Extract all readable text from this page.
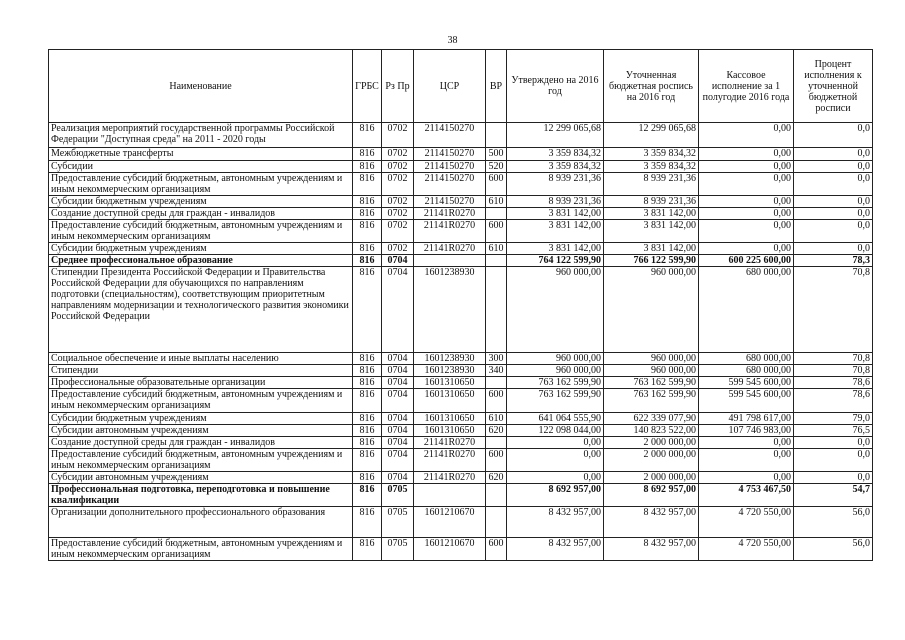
38
Наименование	ГРБС	Рз Пр	ЦСР	ВР	Утверждено на 2016 год	Уточненная бюджетная роспись на 2016 год	Кассовое исполнение за 1 полугодие 2016 года	Процент исполнения к уточненной бюджетной росписи
Реализация мероприятий государственной программы Российской Федерации "Доступная среда" на 2011 - 2020 годы	816	0702	2114150270		12 299 065,68	12 299 065,68	0,00	0,0
Межбюджетные трансферты	816	0702	2114150270	500	3 359 834,32	3 359 834,32	0,00	0,0
Субсидии	816	0702	2114150270	520	3 359 834,32	3 359 834,32	0,00	0,0
Предоставление субсидий бюджетным, автономным учреждениям и иным некоммерческим организациям	816	0702	2114150270	600	8 939 231,36	8 939 231,36	0,00	0,0
Субсидии бюджетным учреждениям	816	0702	2114150270	610	8 939 231,36	8 939 231,36	0,00	0,0
Создание доступной среды для граждан - инвалидов	816	0702	21141R0270		3 831 142,00	3 831 142,00	0,00	0,0
Предоставление субсидий бюджетным, автономным учреждениям и иным некоммерческим организациям	816	0702	21141R0270	600	3 831 142,00	3 831 142,00	0,00	0,0
Субсидии бюджетным учреждениям	816	0702	21141R0270	610	3 831 142,00	3 831 142,00	0,00	0,0
Среднее профессиональное образование	816	0704			764 122 599,90	766 122 599,90	600 225 600,00	78,3
Стипендии Президента Российской Федерации и Правительства Российской Федерации для обучающихся по направлениям подготовки (специальностям), соответствующим приоритетным направлениям модернизации и технологического развития экономики Российской Федерации	816	0704	1601238930		960 000,00	960 000,00	680 000,00	70,8
Социальное обеспечение и иные выплаты населению	816	0704	1601238930	300	960 000,00	960 000,00	680 000,00	70,8
Стипендии	816	0704	1601238930	340	960 000,00	960 000,00	680 000,00	70,8
Профессиональные образовательные организации	816	0704	1601310650		763 162 599,90	763 162 599,90	599 545 600,00	78,6
Предоставление субсидий бюджетным, автономным учреждениям и иным некоммерческим организациям	816	0704	1601310650	600	763 162 599,90	763 162 599,90	599 545 600,00	78,6
Субсидии бюджетным учреждениям	816	0704	1601310650	610	641 064 555,90	622 339 077,90	491 798 617,00	79,0
Субсидии автономным учреждениям	816	0704	1601310650	620	122 098 044,00	140 823 522,00	107 746 983,00	76,5
Создание доступной среды для граждан - инвалидов	816	0704	21141R0270		0,00	2 000 000,00	0,00	0,0
Предоставление субсидий бюджетным, автономным учреждениям и иным некоммерческим организациям	816	0704	21141R0270	600	0,00	2 000 000,00	0,00	0,0
Субсидии автономным учреждениям	816	0704	21141R0270	620	0,00	2 000 000,00	0,00	0,0
Профессиональная подготовка, переподготовка и повышение квалификации	816	0705			8 692 957,00	8 692 957,00	4 753 467,50	54,7
Организации дополнительного профессионального образования	816	0705	1601210670		8 432 957,00	8 432 957,00	4 720 550,00	56,0
Предоставление субсидий бюджетным, автономным учреждениям и иным некоммерческим организациям	816	0705	1601210670	600	8 432 957,00	8 432 957,00	4 720 550,00	56,0
